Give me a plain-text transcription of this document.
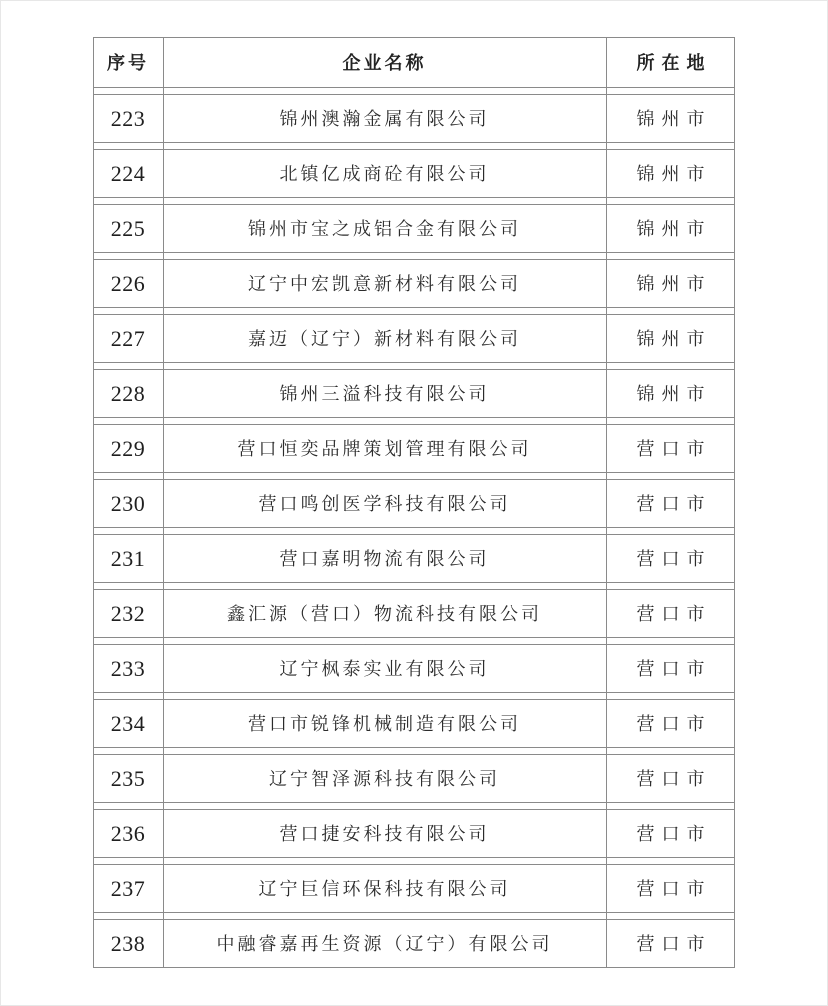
序号	企业名称	所在地
223	锦州澳瀚金属有限公司	锦州市
224	北镇亿成商砼有限公司	锦州市
225	锦州市宝之成铝合金有限公司	锦州市
226	辽宁中宏凯意新材料有限公司	锦州市
227	嘉迈（辽宁）新材料有限公司	锦州市
228	锦州三溢科技有限公司	锦州市
229	营口恒奕品牌策划管理有限公司	营口市
230	营口鸣创医学科技有限公司	营口市
231	营口嘉明物流有限公司	营口市
232	鑫汇源（营口）物流科技有限公司	营口市
233	辽宁枫泰实业有限公司	营口市
234	营口市锐锋机械制造有限公司	营口市
235	辽宁智泽源科技有限公司	营口市
236	营口捷安科技有限公司	营口市
237	辽宁巨信环保科技有限公司	营口市
238	中融睿嘉再生资源（辽宁）有限公司	营口市
